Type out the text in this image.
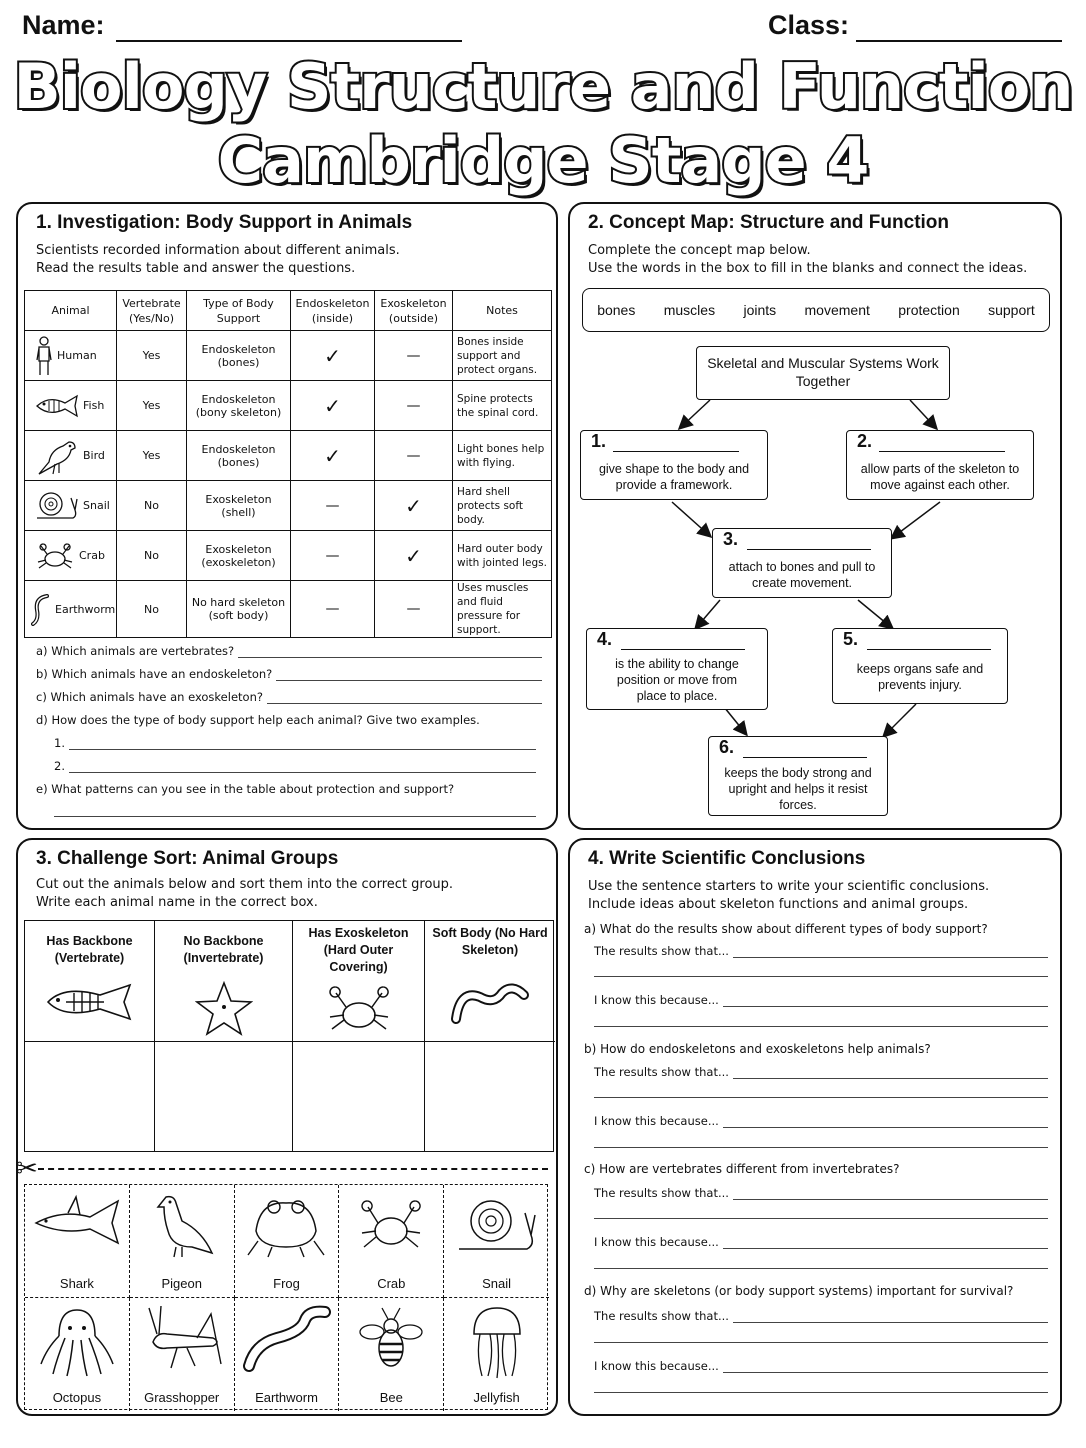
Name:	Class:
Biology Structure and Function
Cambridge Stage 4
1. Investigation: Body Support in Animals
Scientists recorded information about different animals.
Read the results table and answer the questions.
Animal	Vertebrate (Yes/No)	Type of Body Support	Endoskeleton (inside)	Exoskeleton (outside)	Notes

Human	Yes	Endoskeleton (bones)	✓	—	Bones inside support and protect organs.

Fish	Yes	Endoskeleton (bony skeleton)	✓	—	Spine protects the spinal cord.

Bird	Yes	Endoskeleton (bones)	✓	—	Light bones help with flying.

Snail	No	Exoskeleton (shell)	—	✓	Hard shell protects soft body.

Crab	No	Exoskeleton (exoskeleton)	—	✓	Hard outer body with jointed legs.

Earthworm	No	No hard skeleton (soft body)	—	—	Uses muscles and fluid pressure for support.
a) Which animals are vertebrates?
b) Which animals have an endoskeleton?
c) Which animals have an exoskeleton?
d) How does the type of body support help each animal? Give two examples.
1.
2.
e) What patterns can you see in the table about protection and support?
2. Concept Map: Structure and Function
Complete the concept map below.
Use the words in the box to fill in the blanks and connect the ideas.
bones muscles joints movement protection support
Skeletal and Muscular Systems Work Together
1.
give shape to the body and provide a framework.
2.
allow parts of the skeleton to move against each other.
3.
attach to bones and pull to create movement.
4.
is the ability to change position or move from place to place.
5.
keeps organs safe and prevents injury.
6.
keeps the body strong and upright and helps it resist forces.
3. Challenge Sort: Animal Groups
Cut out the animals below and sort them into the correct group.
Write each animal name in the correct box.
Has Backbone (Vertebrate)
No Backbone (Invertebrate)
Has Exoskeleton (Hard Outer Covering)
Soft Body (No Hard Skeleton)
✂
Shark	Pigeon	Frog	Crab	Snail
Octopus	Grasshopper	Earthworm	Bee	Jellyfish
4. Write Scientific Conclusions
Use the sentence starters to write your scientific conclusions.
Include ideas about skeleton functions and animal groups.
a) What do the results show about different types of body support?
The results show that...
I know this because...
b) How do endoskeletons and exoskeletons help animals?
The results show that...
I know this because...
c) How are vertebrates different from invertebrates?
The results show that...
I know this because...
d) Why are skeletons (or body support systems) important for survival?
The results show that...
I know this because...
